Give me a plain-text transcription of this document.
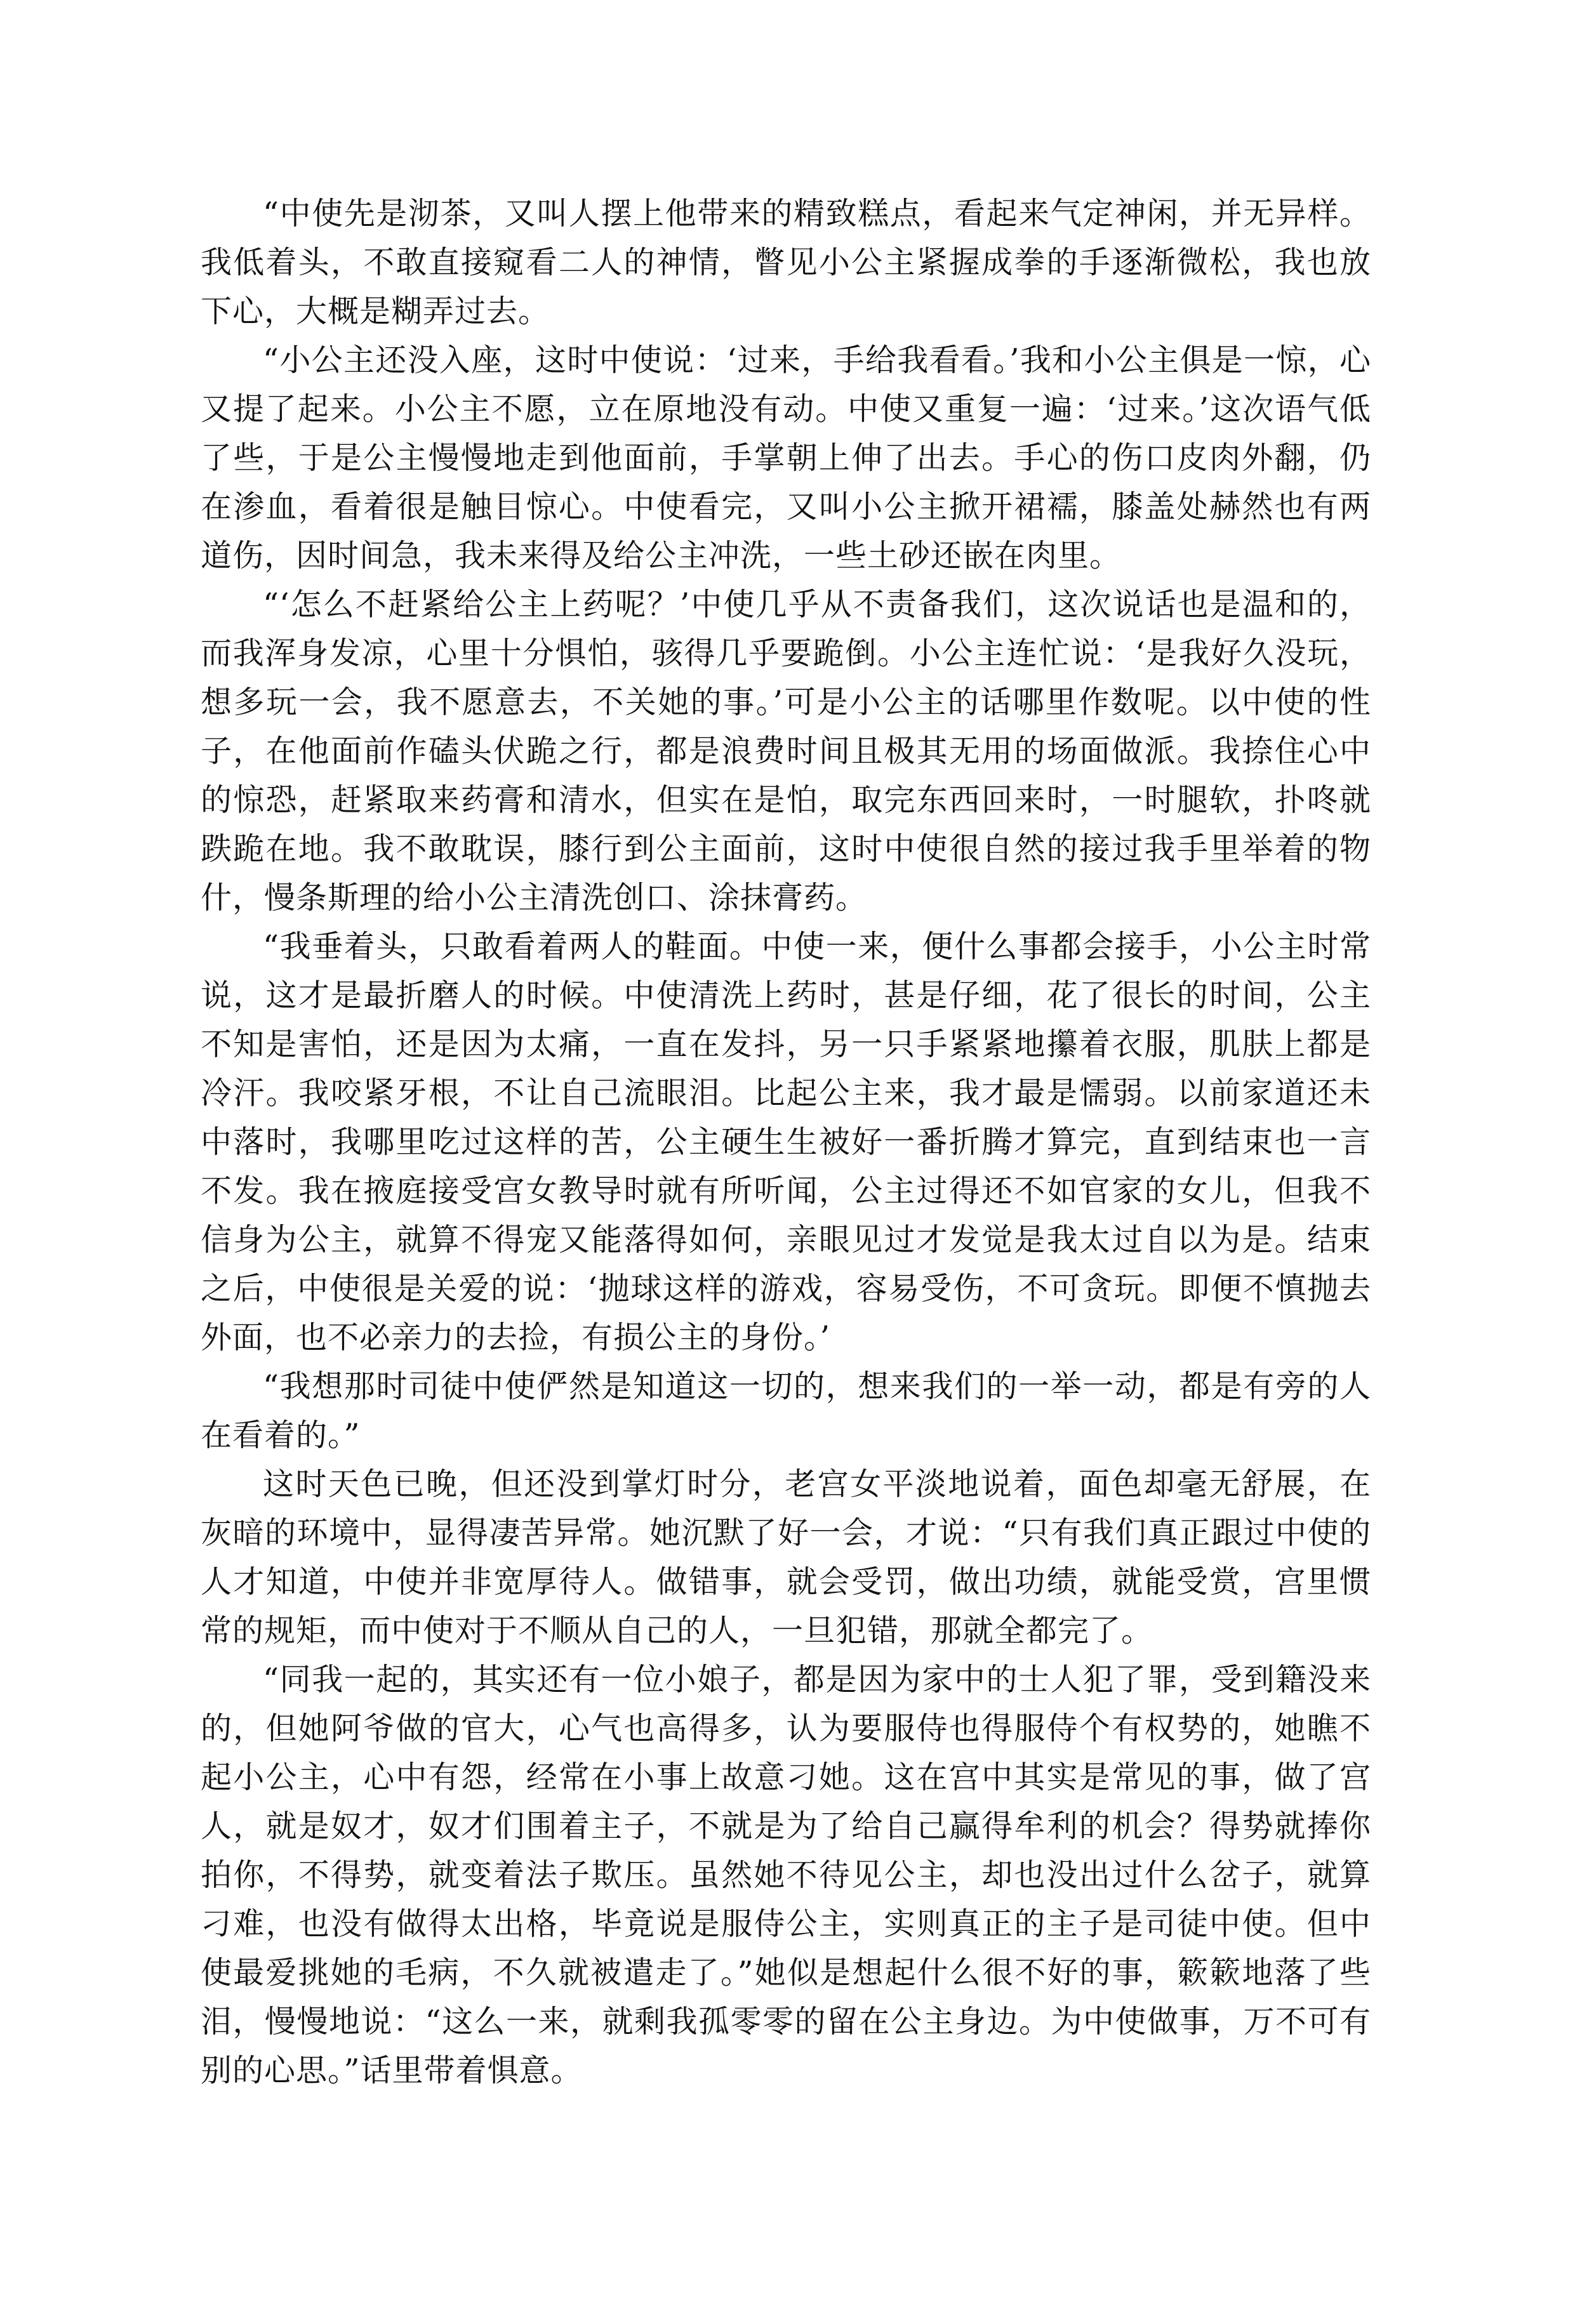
“中使先是沏茶，又叫人摆上他带来的精致糕点，看起来气定神闲，并无异样。我低着头，不敢直接窥看二人的神情，瞥见小公主紧握成拳的手逐渐微松，我也放下心，大概是糊弄过去。

“小公主还没入座，这时中使说：‘过来，手给我看看。’我和小公主俱是一惊，心又提了起来。小公主不愿，立在原地没有动。中使又重复一遍：‘过来。’这次语气低了些，于是公主慢慢地走到他面前，手掌朝上伸了出去。手心的伤口皮肉外翻，仍在渗血，看着很是触目惊心。中使看完，又叫小公主掀开裙襦，膝盖处赫然也有两道伤，因时间急，我未来得及给公主冲洗，一些土砂还嵌在肉里。

“‘怎么不赶紧给公主上药呢？’中使几乎从不责备我们，这次说话也是温和的，而我浑身发凉，心里十分惧怕，骇得几乎要跪倒。小公主连忙说：‘是我好久没玩，想多玩一会，我不愿意去，不关她的事。’可是小公主的话哪里作数呢。以中使的性子，在他面前作磕头伏跪之行，都是浪费时间且极其无用的场面做派。我捺住心中的惊恐，赶紧取来药膏和清水，但实在是怕，取完东西回来时，一时腿软，扑咚就跌跪在地。我不敢耽误，膝行到公主面前，这时中使很自然的接过我手里举着的物什，慢条斯理的给小公主清洗创口、涂抹膏药。

“我垂着头，只敢看着两人的鞋面。中使一来，便什么事都会接手，小公主时常说，这才是最折磨人的时候。中使清洗上药时，甚是仔细，花了很长的时间，公主不知是害怕，还是因为太痛，一直在发抖，另一只手紧紧地攥着衣服，肌肤上都是冷汗。我咬紧牙根，不让自己流眼泪。比起公主来，我才最是懦弱。以前家道还未中落时，我哪里吃过这样的苦，公主硬生生被好一番折腾才算完，直到结束也一言不发。我在掖庭接受宫女教导时就有所听闻，公主过得还不如官家的女儿，但我不信身为公主，就算不得宠又能落得如何，亲眼见过才发觉是我太过自以为是。结束之后，中使很是关爱的说：‘抛球这样的游戏，容易受伤，不可贪玩。即便不慎抛去外面，也不必亲力的去捡，有损公主的身份。’

“我想那时司徒中使俨然是知道这一切的，想来我们的一举一动，都是有旁的人在看着的。”

这时天色已晚，但还没到掌灯时分，老宫女平淡地说着，面色却毫无舒展，在灰暗的环境中，显得凄苦异常。她沉默了好一会，才说：“只有我们真正跟过中使的人才知道，中使并非宽厚待人。做错事，就会受罚，做出功绩，就能受赏，宫里惯常的规矩，而中使对于不顺从自己的人，一旦犯错，那就全都完了。

“同我一起的，其实还有一位小娘子，都是因为家中的士人犯了罪，受到籍没来的，但她阿爷做的官大，心气也高得多，认为要服侍也得服侍个有权势的，她瞧不起小公主，心中有怨，经常在小事上故意刁她。这在宫中其实是常见的事，做了宫人，就是奴才，奴才们围着主子，不就是为了给自己赢得牟利的机会？得势就捧你拍你，不得势，就变着法子欺压。虽然她不待见公主，却也没出过什么岔子，就算刁难，也没有做得太出格，毕竟说是服侍公主，实则真正的主子是司徒中使。但中使最爱挑她的毛病，不久就被遣走了。”她似是想起什么很不好的事，簌簌地落了些泪，慢慢地说：“这么一来，就剩我孤零零的留在公主身边。为中使做事，万不可有别的心思。”话里带着惧意。
